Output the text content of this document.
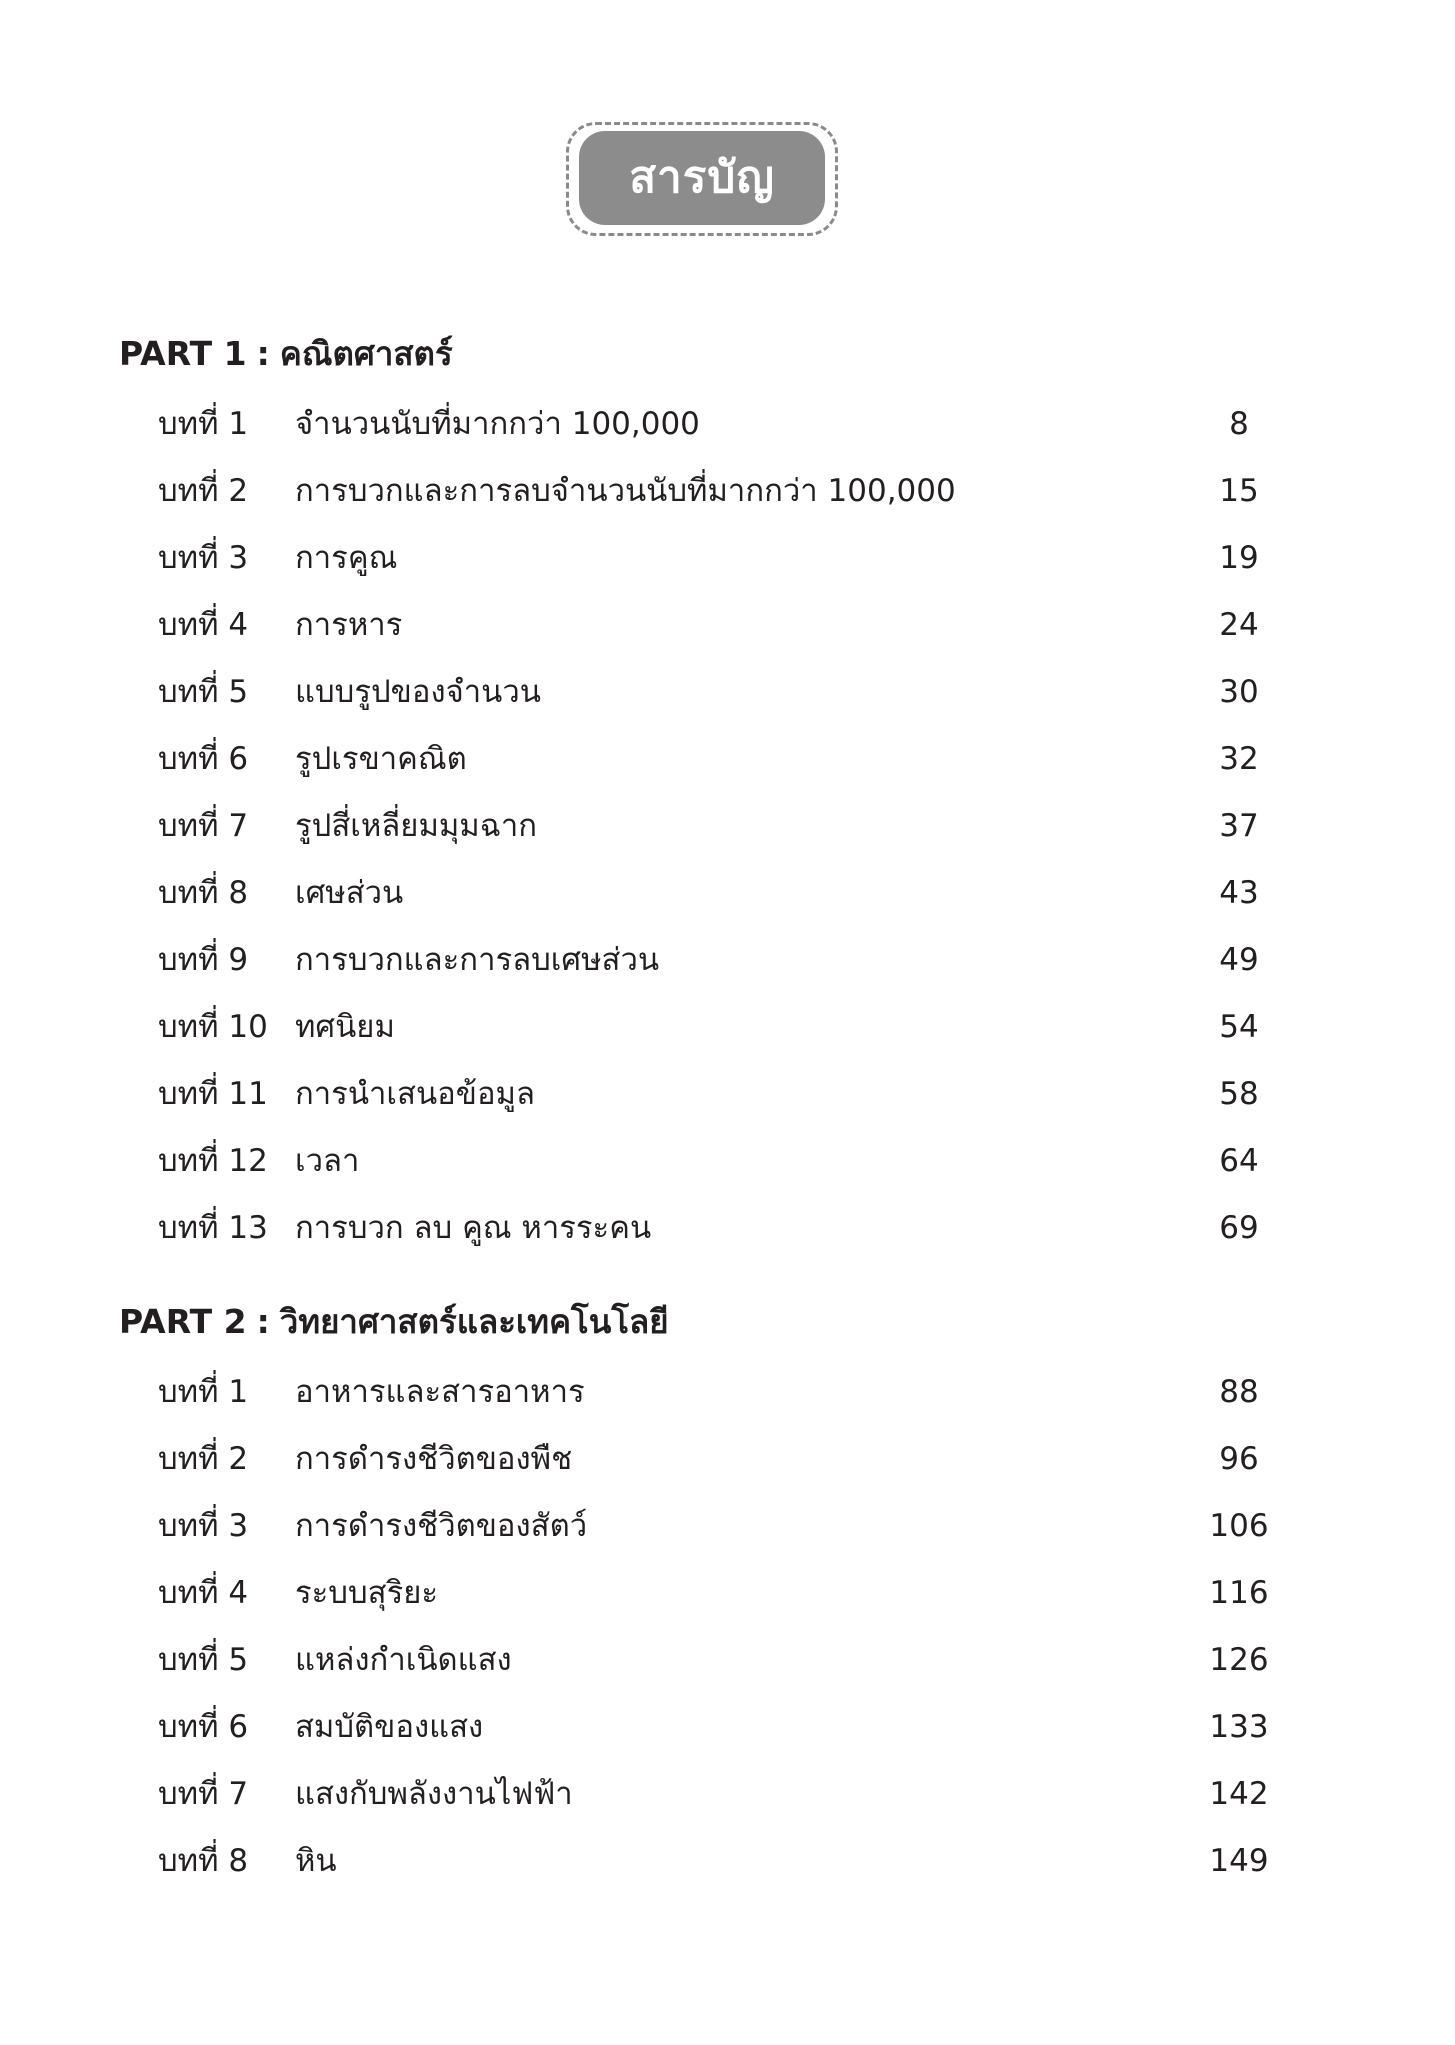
สารบัญ
PART 1 : คณิตศาสตร์
บทที่ 1 จำนวนนับที่มากกว่า 100,000	8
บทที่ 2 การบวกและการลบจำนวนนับที่มากกว่า 100,000	15
บทที่ 3 การคูณ	19
บทที่ 4 การหาร	24
บทที่ 5 แบบรูปของจำนวน	30
บทที่ 6 รูปเรขาคณิต	32
บทที่ 7 รูปสี่เหลี่ยมมุมฉาก	37
บทที่ 8 เศษส่วน	43
บทที่ 9 การบวกและการลบเศษส่วน	49
บทที่ 10 ทศนิยม	54
บทที่ 11 การนำเสนอข้อมูล	58
บทที่ 12 เวลา	64
บทที่ 13 การบวก ลบ คูณ หารระคน	69
PART 2 : วิทยาศาสตร์และเทคโนโลยี
บทที่ 1 อาหารและสารอาหาร	88
บทที่ 2 การดำรงชีวิตของพืช	96
บทที่ 3 การดำรงชีวิตของสัตว์	106
บทที่ 4 ระบบสุริยะ	116
บทที่ 5 แหล่งกำเนิดแสง	126
บทที่ 6 สมบัติของแสง	133
บทที่ 7 แสงกับพลังงานไฟฟ้า	142
บทที่ 8 หิน	149
